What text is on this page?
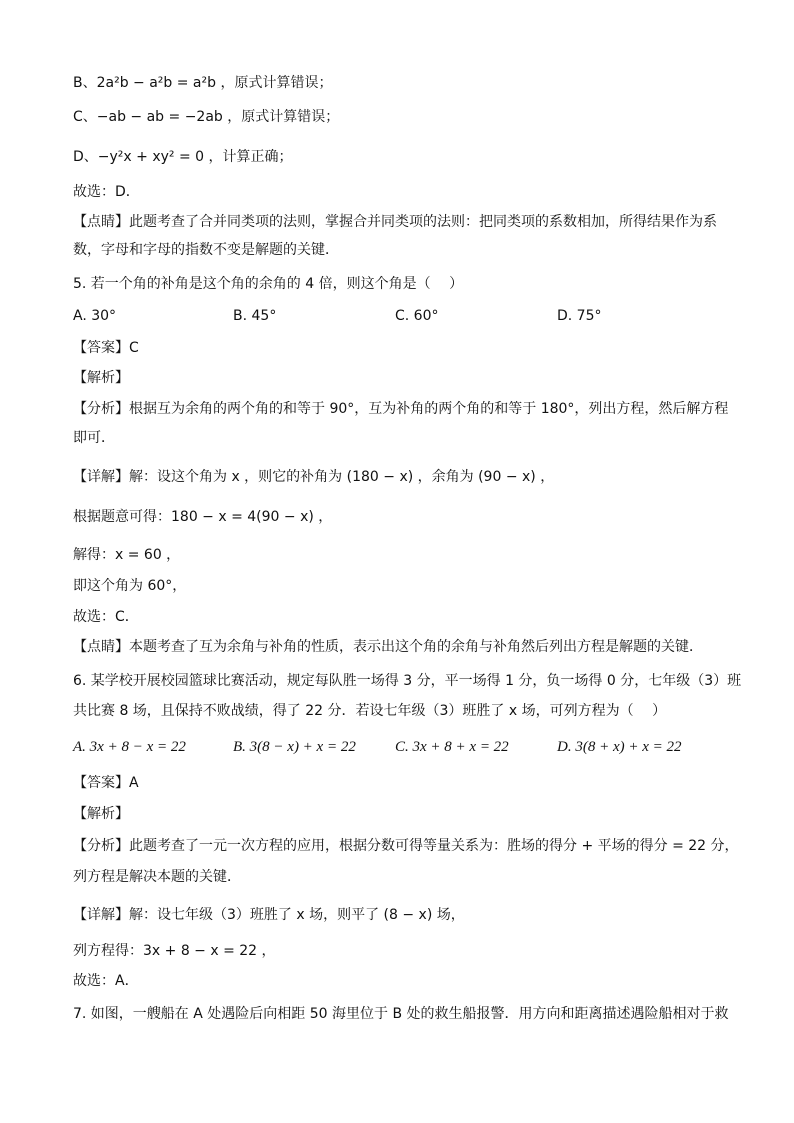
B、2a²b − a²b = a²b ，原式计算错误；
C、−ab − ab = −2ab ，原式计算错误；
D、−y²x + xy² = 0 ，计算正确；
故选：D．
【点睛】此题考查了合并同类项的法则，掌握合并同类项的法则：把同类项的系数相加，所得结果作为系
数，字母和字母的指数不变是解题的关键．
5. 若一个角的补角是这个角的余角的 4 倍，则这个角是（　 ）
A. 30°	B. 45°	C. 60°	D. 75°
【答案】C
【解析】
【分析】根据互为余角的两个角的和等于 90°，互为补角的两个角的和等于 180°，列出方程，然后解方程
即可．
【详解】解：设这个角为 x ，则它的补角为 (180 − x) ，余角为 (90 − x) ，
根据题意可得：180 − x = 4(90 − x) ，
解得：x = 60 ，
即这个角为 60°，
故选：C．
【点睛】本题考查了互为余角与补角的性质，表示出这个角的余角与补角然后列出方程是解题的关键．
6. 某学校开展校园篮球比赛活动，规定每队胜一场得 3 分，平一场得 1 分，负一场得 0 分，七年级（3）班
共比赛 8 场，且保持不败战绩，得了 22 分．若设七年级（3）班胜了 x 场，可列方程为（　 ）
A. 3x + 8 − x = 22	B. 3(8 − x) + x = 22	C. 3x + 8 + x = 22	D. 3(8 + x) + x = 22
【答案】A
【解析】
【分析】此题考查了一元一次方程的应用，根据分数可得等量关系为：胜场的得分 + 平场的得分 = 22 分，
列方程是解决本题的关键．
【详解】解：设七年级（3）班胜了 x 场，则平了 (8 − x) 场，
列方程得：3x + 8 − x = 22 ，
故选：A．
7. 如图，一艘船在 A 处遇险后向相距 50 海里位于 B 处的救生船报警．用方向和距离描述遇险船相对于救
